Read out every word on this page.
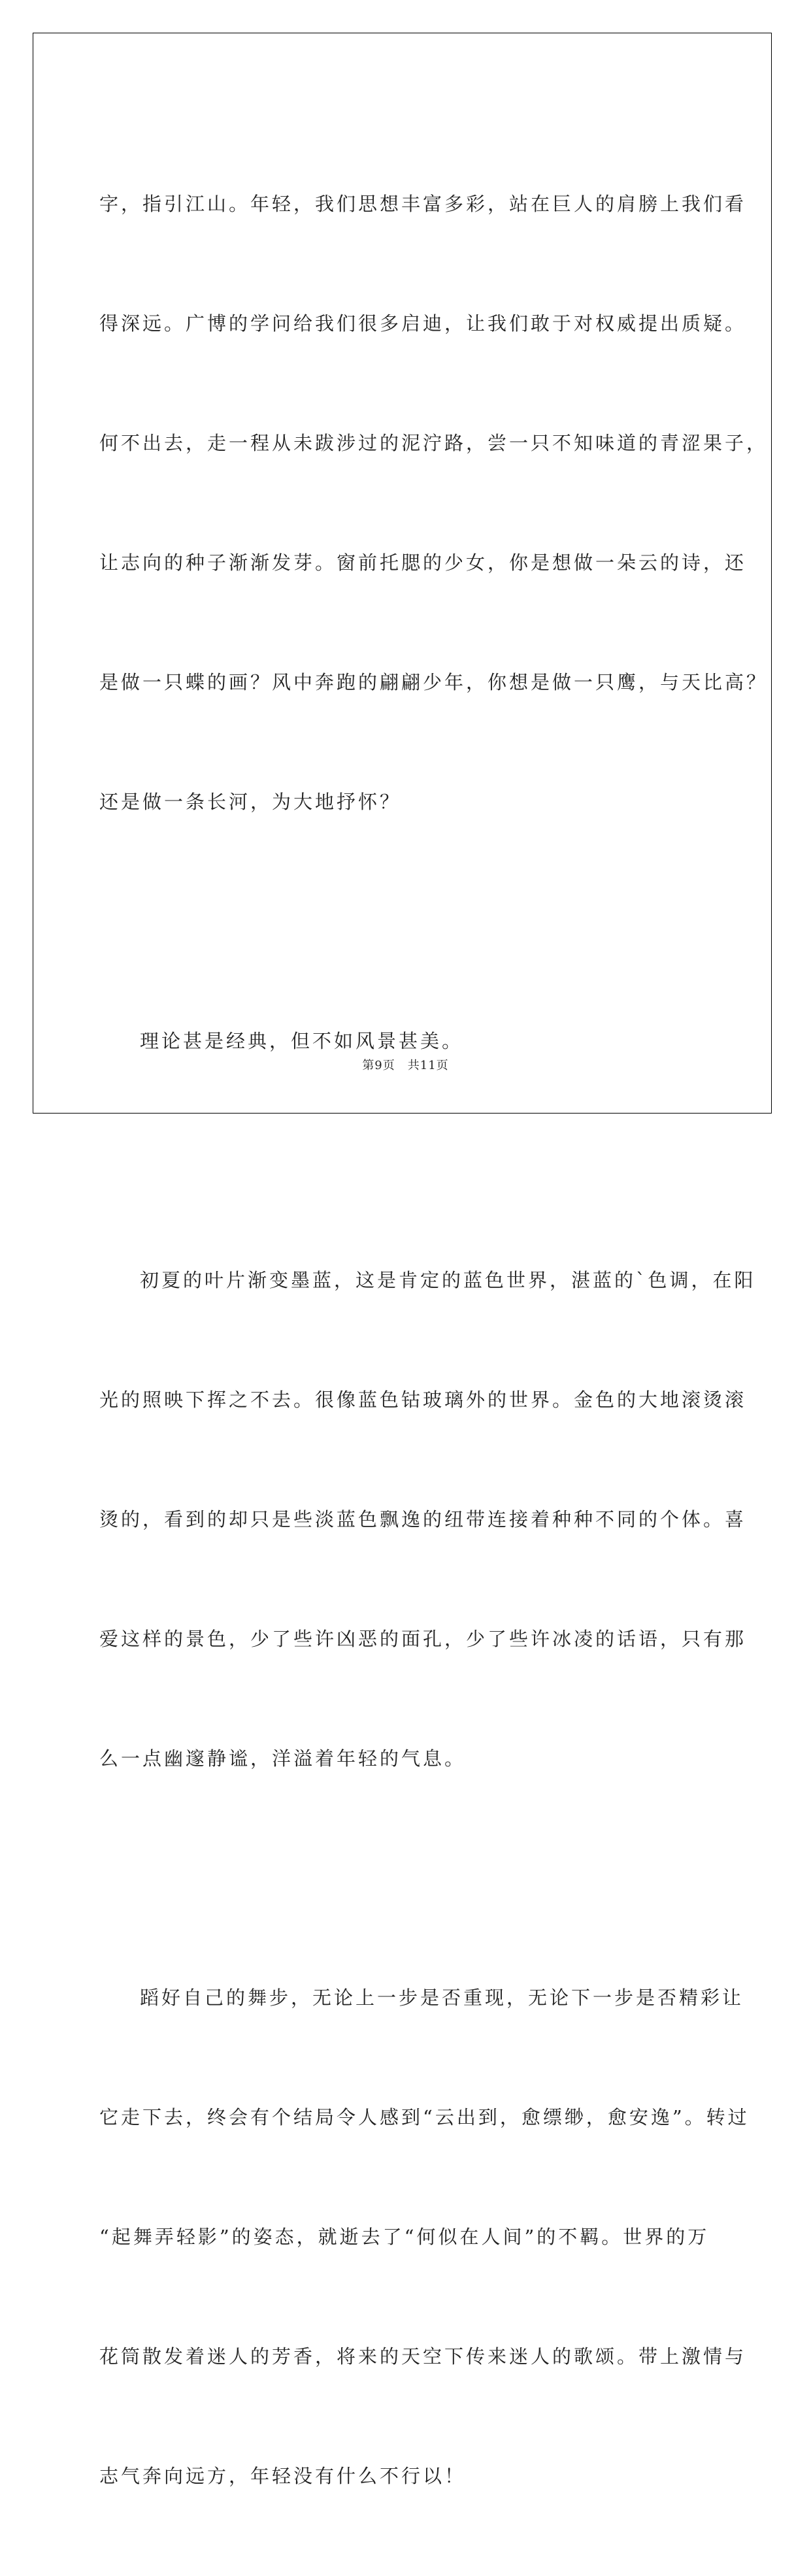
字，指引江山。年轻，我们思想丰富多彩，站在巨人的肩膀上我们看

得深远。广博的学问给我们很多启迪，让我们敢于对权威提出质疑。

何不出去，走一程从未跋涉过的泥泞路，尝一只不知味道的青涩果子，

让志向的种子渐渐发芽。窗前托腮的少女，你是想做一朵云的诗，还

是做一只蝶的画？风中奔跑的翩翩少年，你想是做一只鹰，与天比高？

还是做一条长河，为大地抒怀？

理论甚是经典，但不如风景甚美。

初夏的叶片渐变墨蓝，这是肯定的蓝色世界，湛蓝的`色调，在阳

光的照映下挥之不去。很像蓝色钴玻璃外的世界。金色的大地滚烫滚

烫的，看到的却只是些淡蓝色飘逸的纽带连接着种种不同的个体。喜

爱这样的景色，少了些许凶恶的面孔，少了些许冰凌的话语，只有那

么一点幽邃静谧，洋溢着年轻的气息。

蹈好自己的舞步，无论上一步是否重现，无论下一步是否精彩让

它走下去，终会有个结局令人感到“云出到，愈缥缈，愈安逸”。转过

“起舞弄轻影”的姿态，就逝去了“何似在人间”的不羁。世界的万

花筒散发着迷人的芳香，将来的天空下传来迷人的歌颂。带上激情与

志气奔向远方，年轻没有什么不行以！

第9页　共11页
